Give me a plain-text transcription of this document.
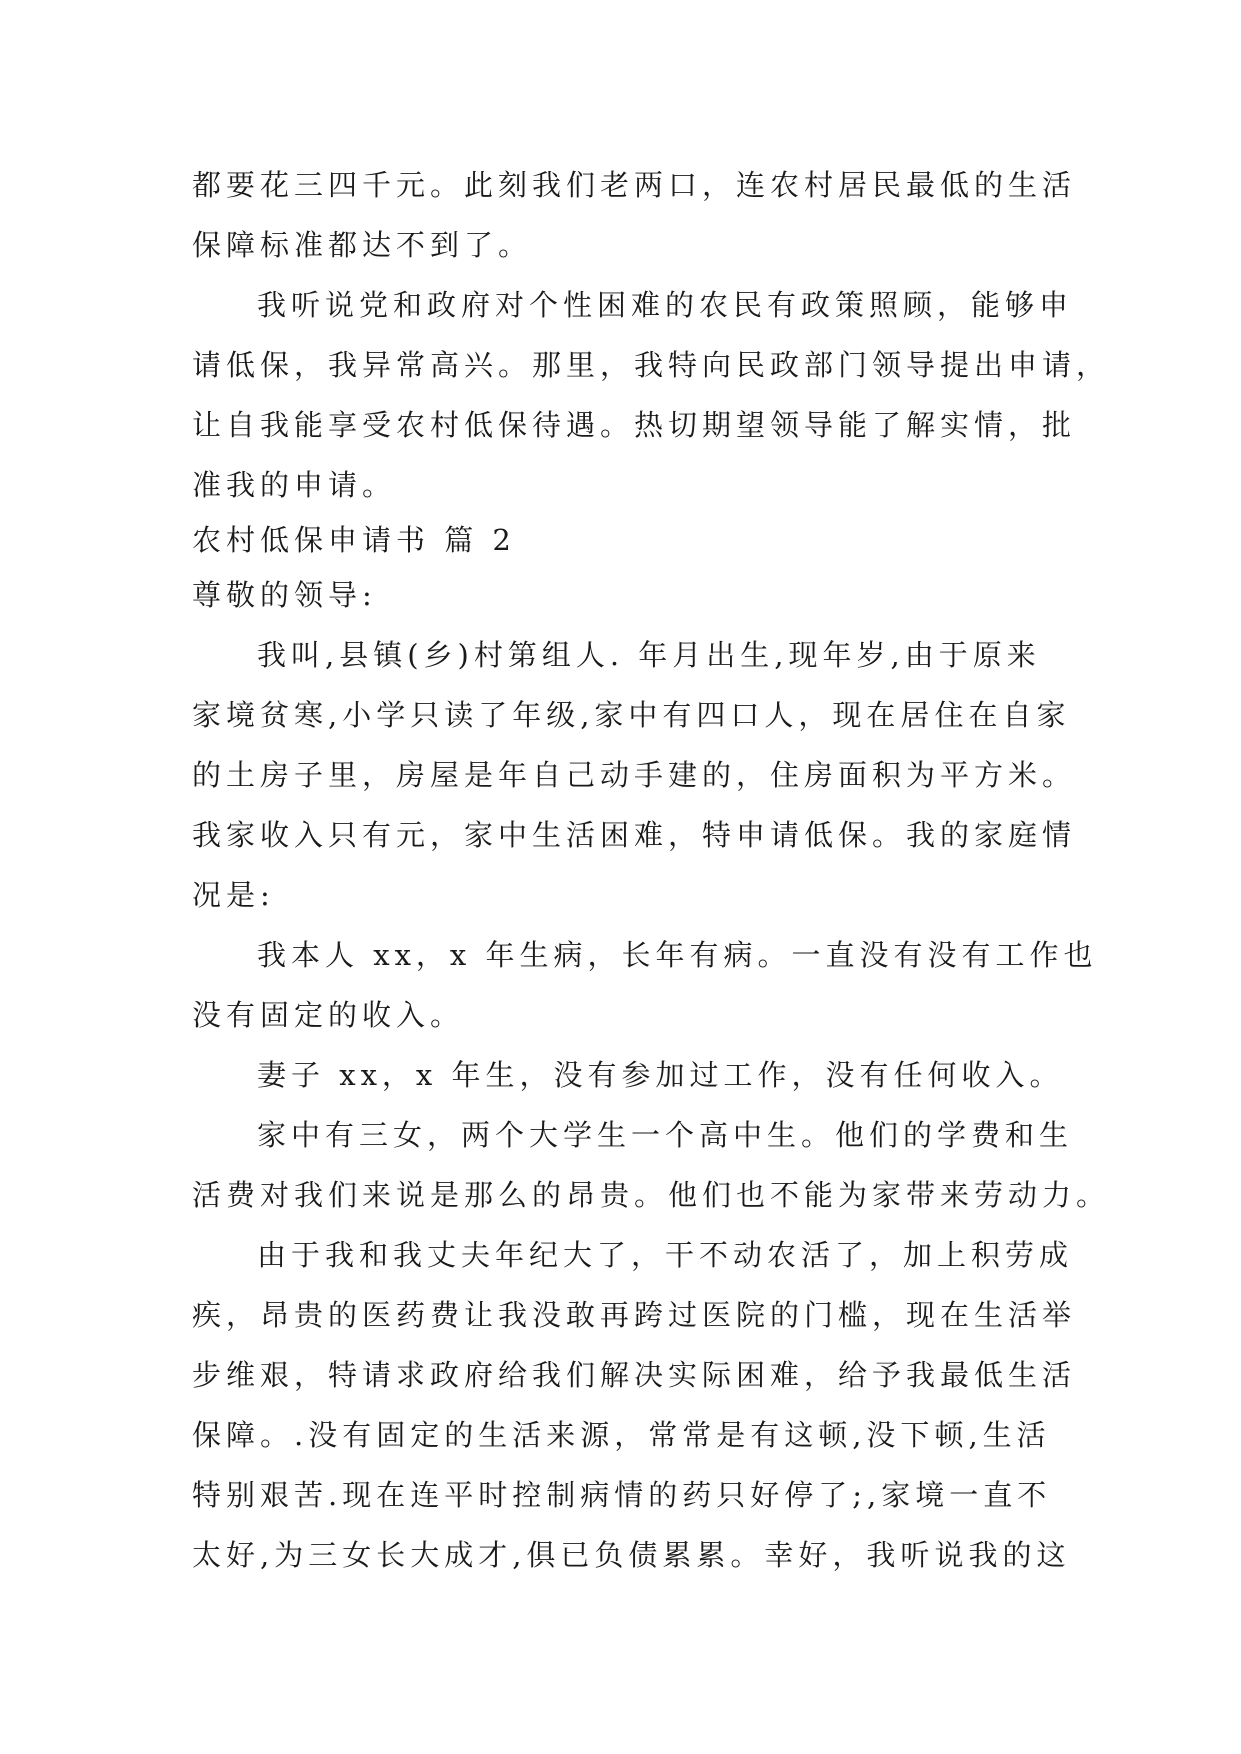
都要花三四千元。此刻我们老两口，连农村居民最低的生活
保障标准都达不到了。
我听说党和政府对个性困难的农民有政策照顾，能够申
请低保，我异常高兴。那里，我特向民政部门领导提出申请，
让自我能享受农村低保待遇。热切期望领导能了解实情，批
准我的申请。
农村低保申请书 篇 2
尊敬的领导:
我叫,县镇(乡)村第组人. 年月出生,现年岁,由于原来
家境贫寒,小学只读了年级,家中有四口人，现在居住在自家
的土房子里，房屋是年自己动手建的，住房面积为平方米。
我家收入只有元，家中生活困难，特申请低保。我的家庭情
况是:
我本人 xx，x 年生病，长年有病。一直没有没有工作也
没有固定的收入。
妻子 xx，x 年生，没有参加过工作，没有任何收入。
家中有三女，两个大学生一个高中生。他们的学费和生
活费对我们来说是那么的昂贵。他们也不能为家带来劳动力。
由于我和我丈夫年纪大了，干不动农活了，加上积劳成
疾，昂贵的医药费让我没敢再跨过医院的门槛，现在生活举
步维艰，特请求政府给我们解决实际困难，给予我最低生活
保障。.没有固定的生活来源，常常是有这顿,没下顿,生活
特别艰苦.现在连平时控制病情的药只好停了;,家境一直不
太好,为三女长大成才,俱已负债累累。幸好，我听说我的这
